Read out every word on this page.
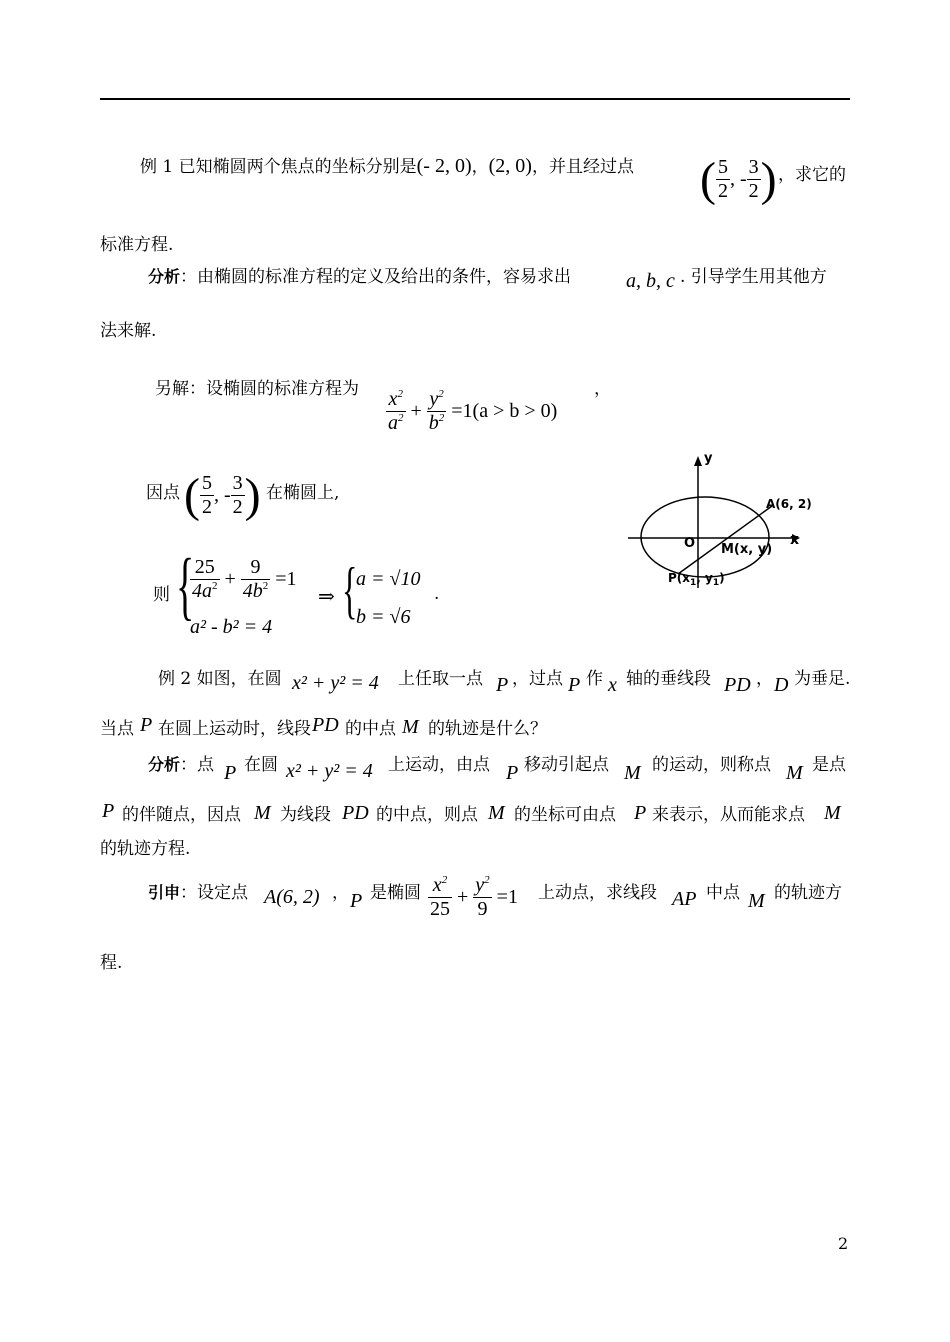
例 1 已知椭圆两个焦点的坐标分别是(- 2, 0)，(2, 0)，并且经过点 ( $\frac{5}{2}$ , - $\frac{3}{2}$ ) ，求它的
标准方程.
分析：由椭圆的标准方程的定义及给出的条件，容易求出	a, b, c . 引导学生用其他方
法来解.
另解：设椭圆的标准方程为	，
$\frac{x^2}{a^2} + \frac{y^2}{b^2} =1(a > b > 0)$
因点 ( $\frac{5}{2}$ , - $\frac{3}{2}$ ) 在椭圆上,
则 {
$\frac{25}{4a^2} + \frac{9}{4b^2} =1$
a² - b² = 4
⇒ {
a = √10
b = √6
.
y
x
O
A(6, 2)
M(x, y)
$P(x_1$, $y_1$)
例 2 如图，在圆 x² + y² = 4 上任取一点 P ，过点 P 作 x 轴的垂线段 PD ， D 为垂足.
当点 P 在圆上运动时，线段 PD 的中点 M 的轨迹是什么？
分析：点 P 在圆 x² + y² = 4 上运动，由点 P 移动引起点 M 的运动，则称点 M 是点
P 的伴随点，因点 M 为线段 PD 的中点，则点 M 的坐标可由点 P 来表示，从而能求点 M
的轨迹方程.
引申：设定点 A(6, 2) ， P 是椭圆 $\frac{x^2}{25} + \frac{y^2}{9} =1$ 上动点，求线段 AP 中点 M 的轨迹方
程.
2
